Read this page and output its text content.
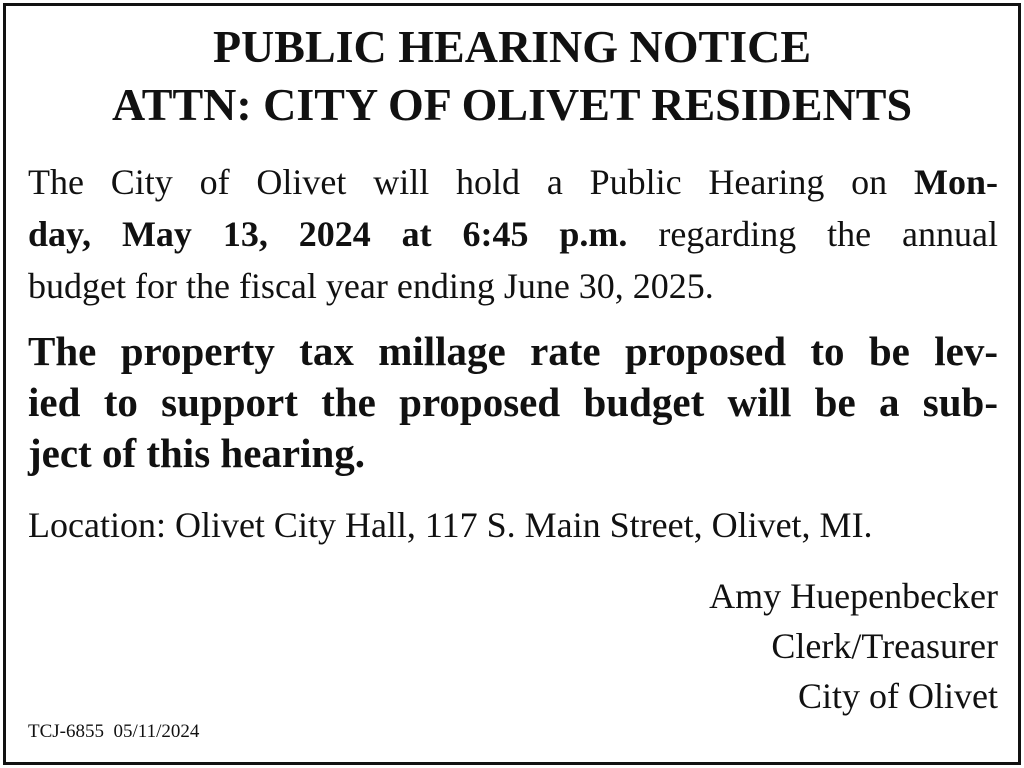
PUBLIC HEARING NOTICE
ATTN: CITY OF OLIVET RESIDENTS
The City of Olivet will hold a Public Hearing on Mon-
day, May 13, 2024 at 6:45 p.m. regarding the annual
budget for the fiscal year ending June 30, 2025.
The property tax millage rate proposed to be lev-
ied to support the proposed budget will be a sub-
ject of this hearing.
Location: Olivet City Hall, 117 S. Main Street, Olivet, MI.
Amy Huepenbecker
Clerk/Treasurer
City of Olivet
TCJ-6855 05/11/2024
